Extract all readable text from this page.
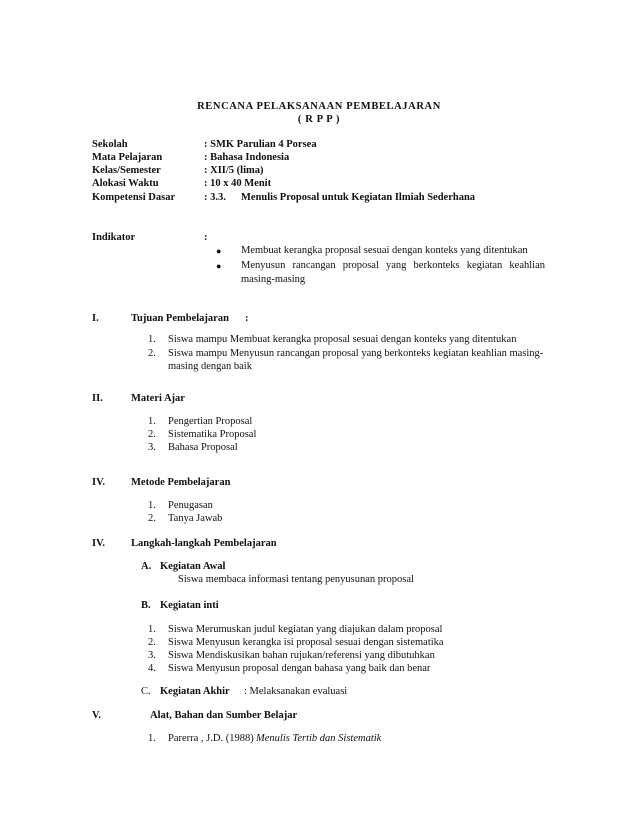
RENCANA PELAKSANAAN PEMBELAJARAN
( R P P )
Sekolah	: SMK Parulian 4 Porsea
Mata Pelajaran	: Bahasa Indonesia
Kelas/Semester	: XII/5 (lima)
Alokasi Waktu	: 10 x 40 Menit
Kompetensi Dasar	: 3.3. Menulis Proposal untuk Kegiatan Ilmiah Sederhana
Indikator	:
● Membuat kerangka proposal sesuai dengan konteks yang ditentukan
● Menyusun rancangan proposal yang berkonteks kegiatan keahlian
masing-masing
I.	Tujuan Pembelajaran :
1. Siswa mampu Membuat kerangka proposal sesuai dengan konteks yang ditentukan
2. Siswa mampu Menyusun rancangan proposal yang berkonteks kegiatan keahlian masing-
masing dengan baik
II.	Materi Ajar
1. Pengertian Proposal
2. Sistematika Proposal
3. Bahasa Proposal
IV. Metode Pembelajaran
1. Penugasan
2. Tanya Jawab
IV. Langkah-langkah Pembelajaran
A. Kegiatan Awal
Siswa membaca informasi tentang penyusunan proposal
B. Kegiatan inti
1. Siswa Merumuskan judul kegiatan yang diajukan dalam proposal
2. Siswa Menyusun kerangka isi proposal sesuai dengan sistematika
3. Siswa Mendiskusikan bahan rujukan/referensi yang dibutuhkan
4. Siswa Menyusun proposal dengan bahasa yang baik dan benar
C. Kegiatan Akhir : Melaksanakan evaluasi
V.	Alat, Bahan dan Sumber Belajar
1. Parerra , J.D. (1988) Menulis Tertib dan Sistematik
